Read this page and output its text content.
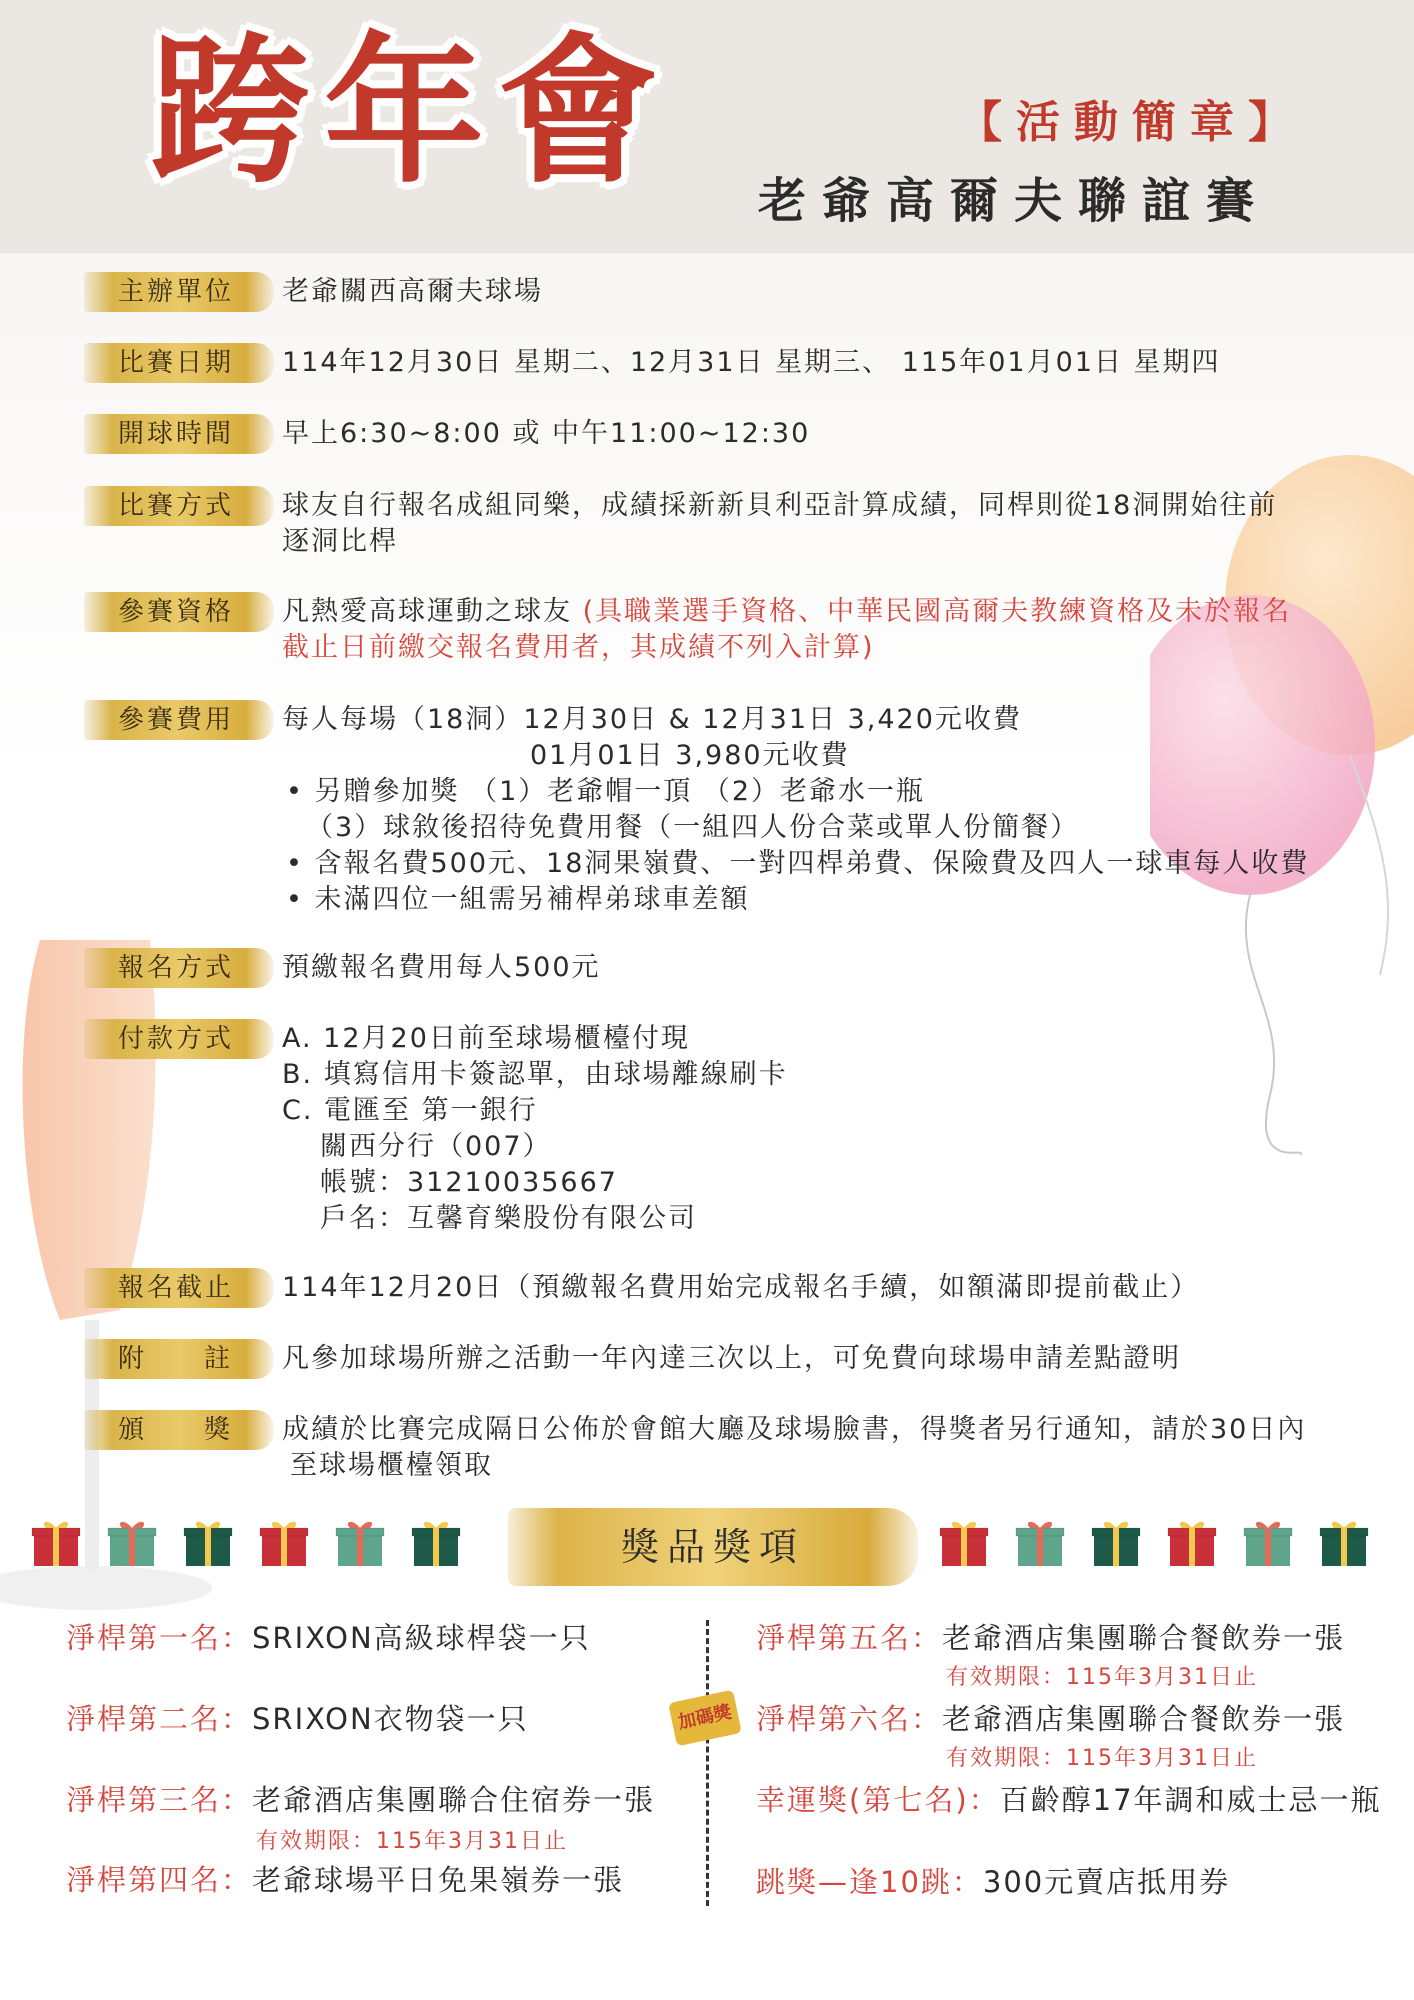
跨年會	【活動簡章】
老爺高爾夫聯誼賽
主辦單位	老爺關西高爾夫球場
比賽日期	114年12月30日 星期二、12月31日 星期三、 115年01月01日 星期四
開球時間	早上6:30~8:00 或 中午11:00~12:30
比賽方式	球友自行報名成組同樂，成績採新新貝利亞計算成績，同桿則從18洞開始往前
逐洞比桿
參賽資格	凡熱愛高球運動之球友 (具職業選手資格、中華民國高爾夫教練資格及未於報名
截止日前繳交報名費用者，其成績不列入計算)
參賽費用	每人每場（18洞）12月30日 & 12月31日 3,420元收費
01月01日 3,980元收費
• 另贈參加獎 （1）老爺帽一頂 （2）老爺水一瓶
（3）球敘後招待免費用餐（一組四人份合菜或單人份簡餐）
• 含報名費500元、18洞果嶺費、一對四桿弟費、保險費及四人一球車每人收費
• 未滿四位一組需另補桿弟球車差額
報名方式	預繳報名費用每人500元
付款方式	A. 12月20日前至球場櫃檯付現
B. 填寫信用卡簽認單，由球場離線刷卡
C. 電匯至 第一銀行
關西分行（007）
帳號：31210035667
戶名：互馨育樂股份有限公司
報名截止	114年12月20日（預繳報名費用始完成報名手續，如額滿即提前截止）
附 註 凡參加球場所辦之活動一年內達三次以上，可免費向球場申請差點證明
頒 獎 成績於比賽完成隔日公佈於會館大廳及球場臉書，得獎者另行通知，請於30日內
至球場櫃檯領取
獎品獎項
淨桿第一名：SRIXON高級球桿袋一只
淨桿第二名：SRIXON衣物袋一只
淨桿第三名：老爺酒店集團聯合住宿券一張
有效期限：115年3月31日止
淨桿第四名：老爺球場平日免果嶺券一張
加碼獎
淨桿第五名：老爺酒店集團聯合餐飲券一張
有效期限：115年3月31日止
淨桿第六名：老爺酒店集團聯合餐飲券一張
有效期限：115年3月31日止
幸運獎(第七名)：百齡醇17年調和威士忌一瓶
跳獎—逢10跳：300元賣店抵用券
